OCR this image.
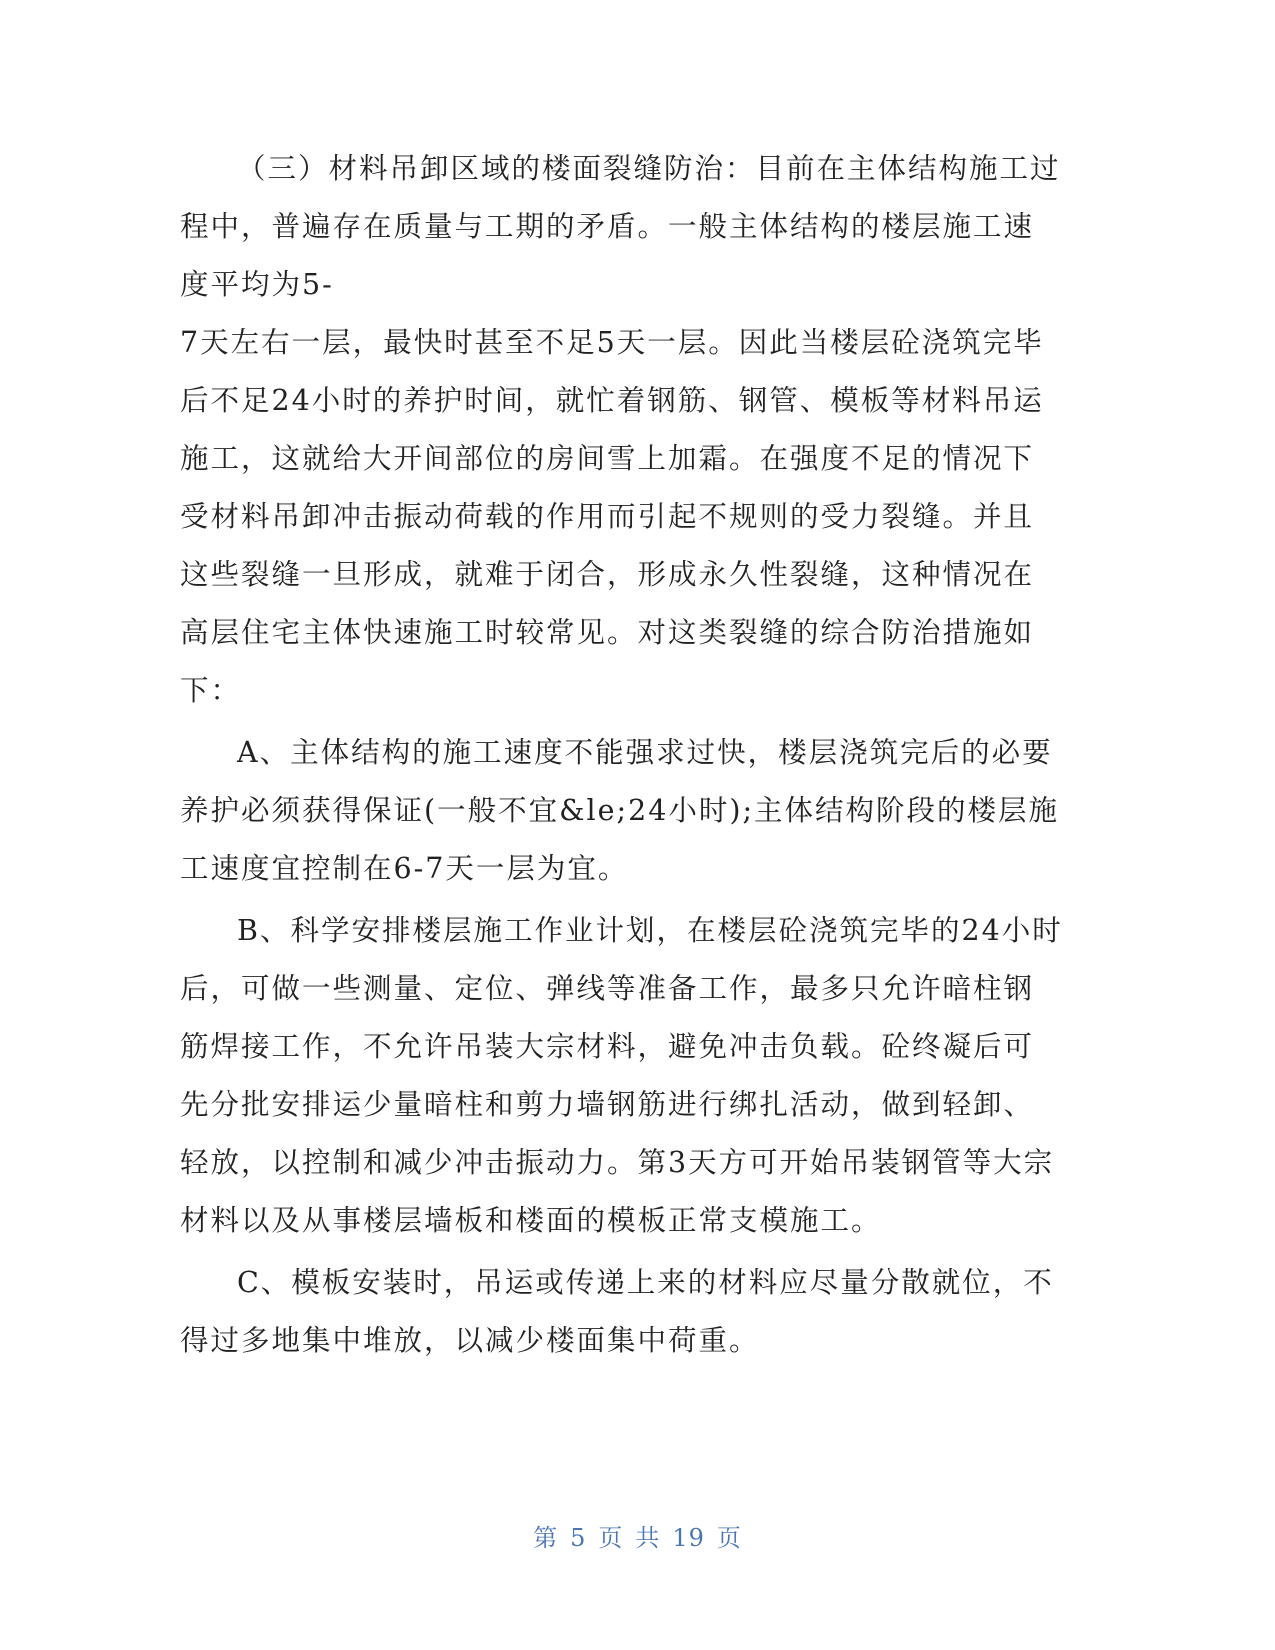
（三）材料吊卸区域的楼面裂缝防治：目前在主体结构施工过
程中，普遍存在质量与工期的矛盾。一般主体结构的楼层施工速
度平均为5-
7天左右一层，最快时甚至不足5天一层。因此当楼层砼浇筑完毕
后不足24小时的养护时间，就忙着钢筋、钢管、模板等材料吊运
施工，这就给大开间部位的房间雪上加霜。在强度不足的情况下
受材料吊卸冲击振动荷载的作用而引起不规则的受力裂缝。并且
这些裂缝一旦形成，就难于闭合，形成永久性裂缝，这种情况在
高层住宅主体快速施工时较常见。对这类裂缝的综合防治措施如
下：
A、主体结构的施工速度不能强求过快，楼层浇筑完后的必要
养护必须获得保证(一般不宜&le;24小时);主体结构阶段的楼层施
工速度宜控制在6-7天一层为宜。
B、科学安排楼层施工作业计划，在楼层砼浇筑完毕的24小时
后，可做一些测量、定位、弹线等准备工作，最多只允许暗柱钢
筋焊接工作，不允许吊装大宗材料，避免冲击负载。砼终凝后可
先分批安排运少量暗柱和剪力墙钢筋进行绑扎活动，做到轻卸、
轻放，以控制和减少冲击振动力。第3天方可开始吊装钢管等大宗
材料以及从事楼层墙板和楼面的模板正常支模施工。
C、模板安装时，吊运或传递上来的材料应尽量分散就位，不
得过多地集中堆放，以减少楼面集中荷重。
第 5 页 共 19 页
